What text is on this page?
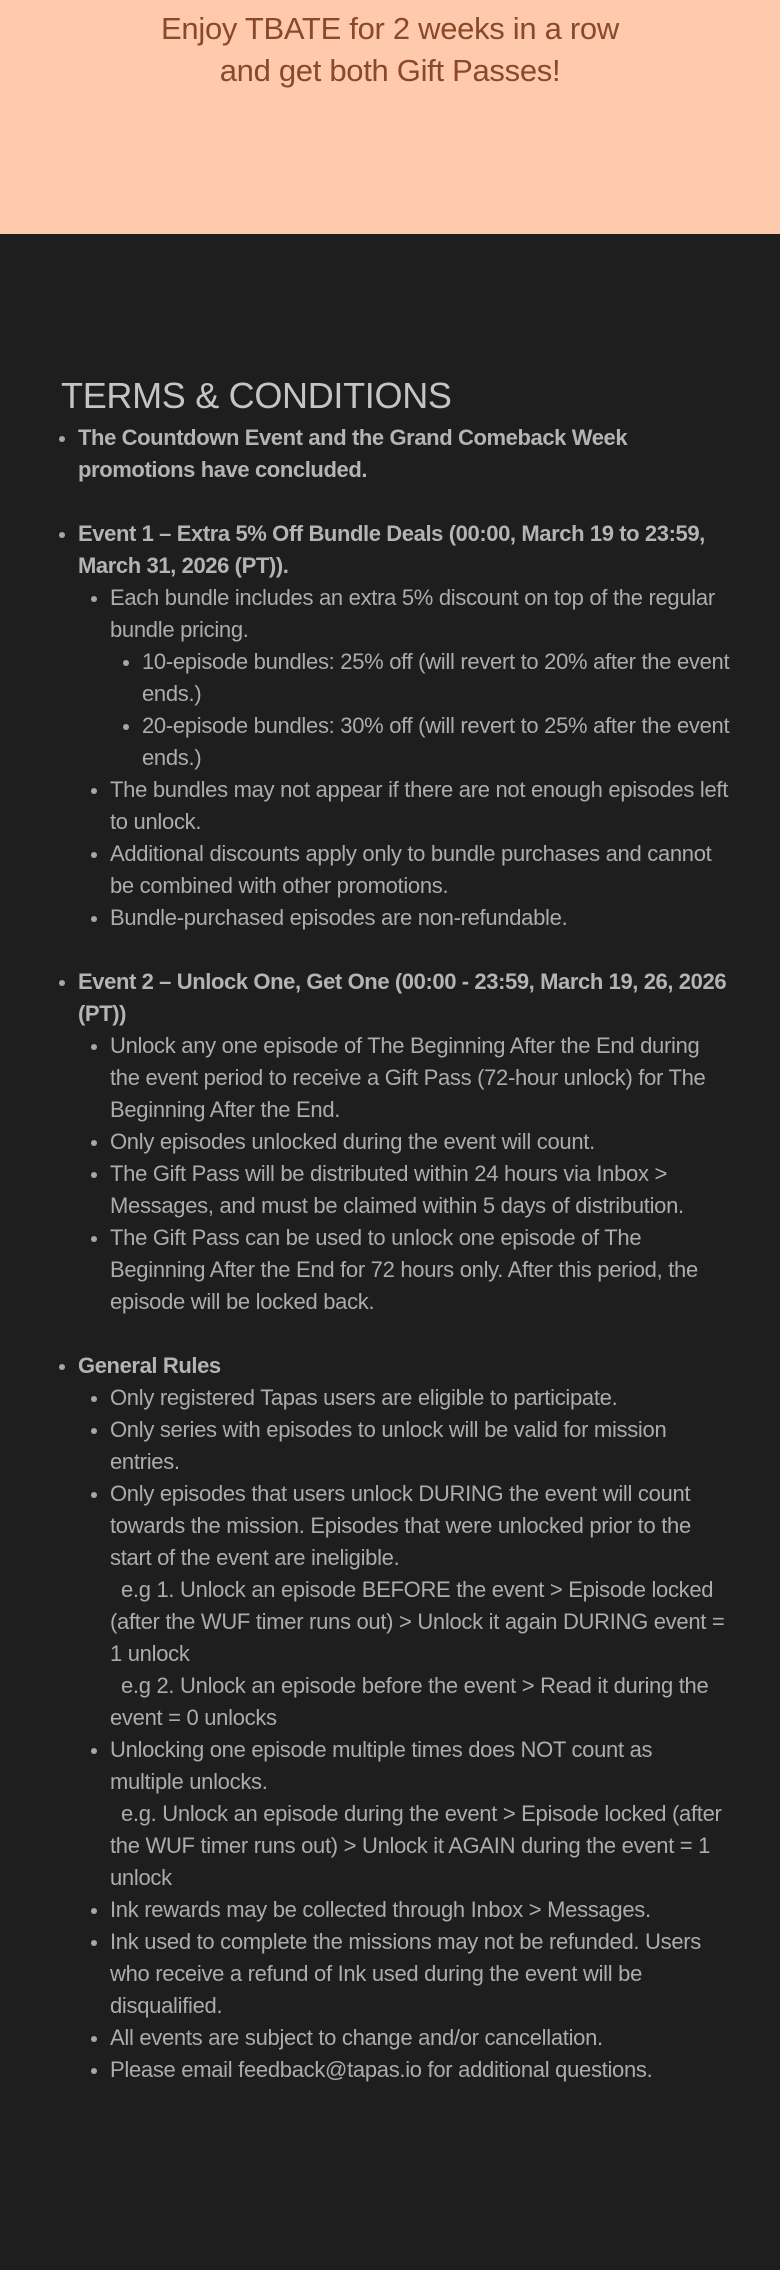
Enjoy TBATE for 2 weeks in a row
and get both Gift Passes!
TERMS & CONDITIONS
The Countdown Event and the Grand Comeback Week promotions have concluded.
Event 1 – Extra 5% Off Bundle Deals (00:00, March 19 to 23:59, March 31, 2026 (PT)).
Each bundle includes an extra 5% discount on top of the regular bundle pricing.
10-episode bundles: 25% off (will revert to 20% after the event ends.)
20-episode bundles: 30% off (will revert to 25% after the event ends.)
The bundles may not appear if there are not enough episodes left to unlock.
Additional discounts apply only to bundle purchases and cannot be combined with other promotions.
Bundle-purchased episodes are non-refundable.
Event 2 – Unlock One, Get One (00:00 - 23:59, March 19, 26, 2026 (PT))
Unlock any one episode of The Beginning After the End during the event period to receive a Gift Pass (72-hour unlock) for The Beginning After the End.
Only episodes unlocked during the event will count.
The Gift Pass will be distributed within 24 hours via Inbox > Messages, and must be claimed within 5 days of distribution.
The Gift Pass can be used to unlock one episode of The Beginning After the End for 72 hours only. After this period, the episode will be locked back.
General Rules
Only registered Tapas users are eligible to participate.
Only series with episodes to unlock will be valid for mission entries.
Only episodes that users unlock DURING the event will count towards the mission. Episodes that were unlocked prior to the start of the event are ineligible.
e.g 1. Unlock an episode BEFORE the event > Episode locked (after the WUF timer runs out) > Unlock it again DURING event = 1 unlock
e.g 2. Unlock an episode before the event > Read it during the event = 0 unlocks
Unlocking one episode multiple times does NOT count as multiple unlocks.
e.g. Unlock an episode during the event > Episode locked (after the WUF timer runs out) > Unlock it AGAIN during the event = 1 unlock
Ink rewards may be collected through Inbox > Messages.
Ink used to complete the missions may not be refunded. Users who receive a refund of Ink used during the event will be disqualified.
All events are subject to change and/or cancellation.
Please email feedback@tapas.io for additional questions.
